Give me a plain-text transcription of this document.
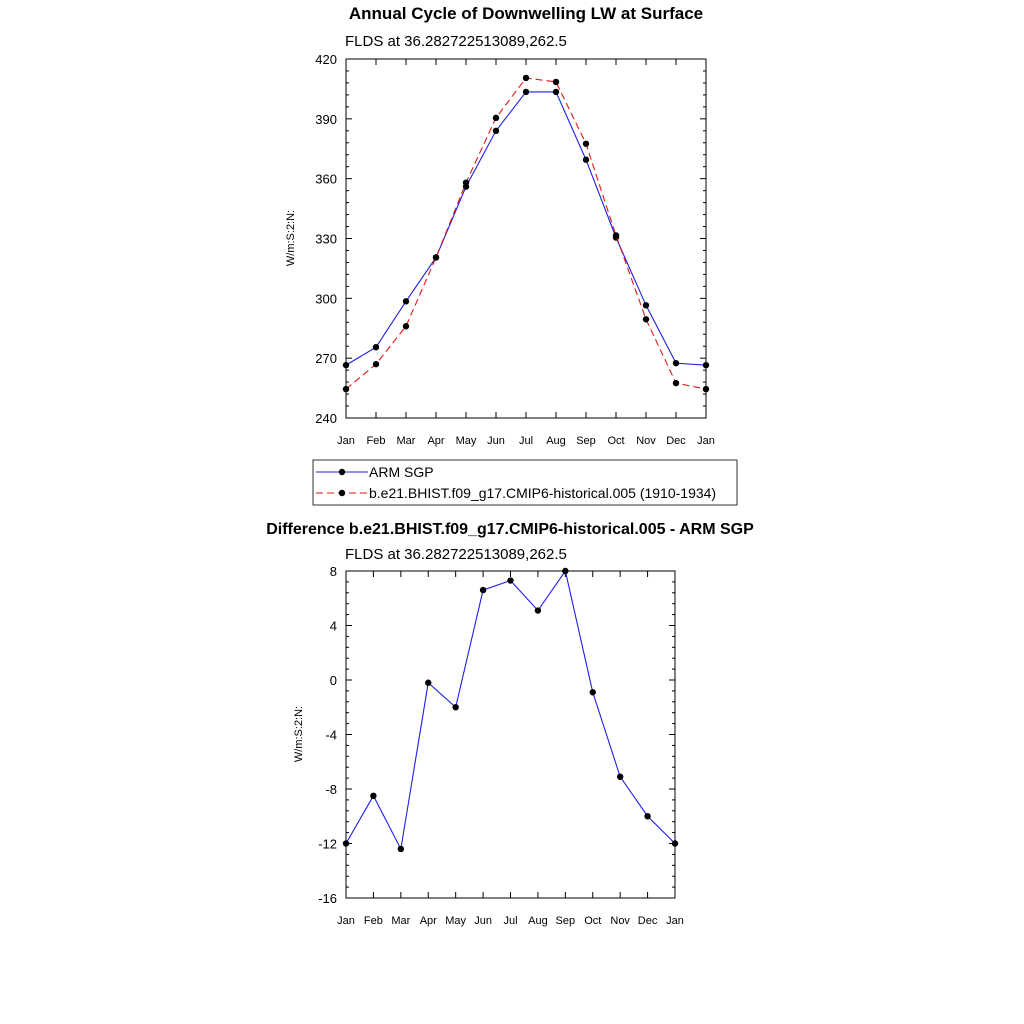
Annual Cycle of Downwelling LW at Surface
FLDS at 36.282722513089,262.5
W/m:S:2:N:
240
270
300
330
360
390
420
Jan Feb Mar Apr May Jun Jul Aug Sep Oct Nov Dec Jan
ARM SGP
b.e21.BHIST.f09_g17.CMIP6-historical.005 (1910-1934)
Difference b.e21.BHIST.f09_g17.CMIP6-historical.005 - ARM SGP
FLDS at 36.282722513089,262.5
W/m:S:2:N:
-16
-12
-8
-4
0
4
8
Jan Feb Mar Apr May Jun Jul Aug Sep Oct Nov Dec Jan
